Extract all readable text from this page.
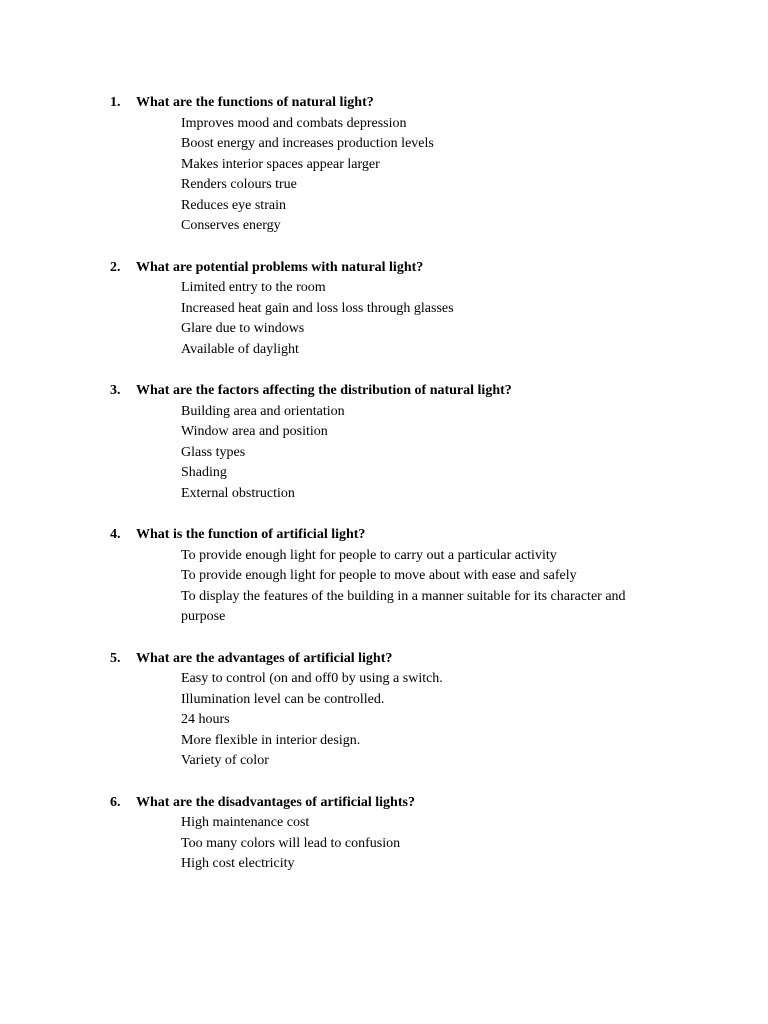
1.	What are the functions of natural light?
Improves mood and combats depression
Boost energy and increases production levels
Makes interior spaces appear larger
Renders colours true
Reduces eye strain
Conserves energy
2.	What are potential problems with natural light?
Limited entry to the room
Increased heat gain and loss loss through glasses
Glare due to windows
Available of daylight
3.	What are the factors affecting the distribution of natural light?
Building area and orientation
Window area and position
Glass types
Shading
External obstruction
4.	What is the function of artificial light?
To provide enough light for people to carry out a particular activity
To provide enough light for people to move about with ease and safely
To display the features of the building in a manner suitable for its character and
purpose
5.	What are the advantages of artificial light?
Easy to control (on and off0 by using a switch.
Illumination level can be controlled.
24 hours
More flexible in interior design.
Variety of color
6.	What are the disadvantages of artificial lights?
High maintenance cost
Too many colors will lead to confusion
High cost electricity
